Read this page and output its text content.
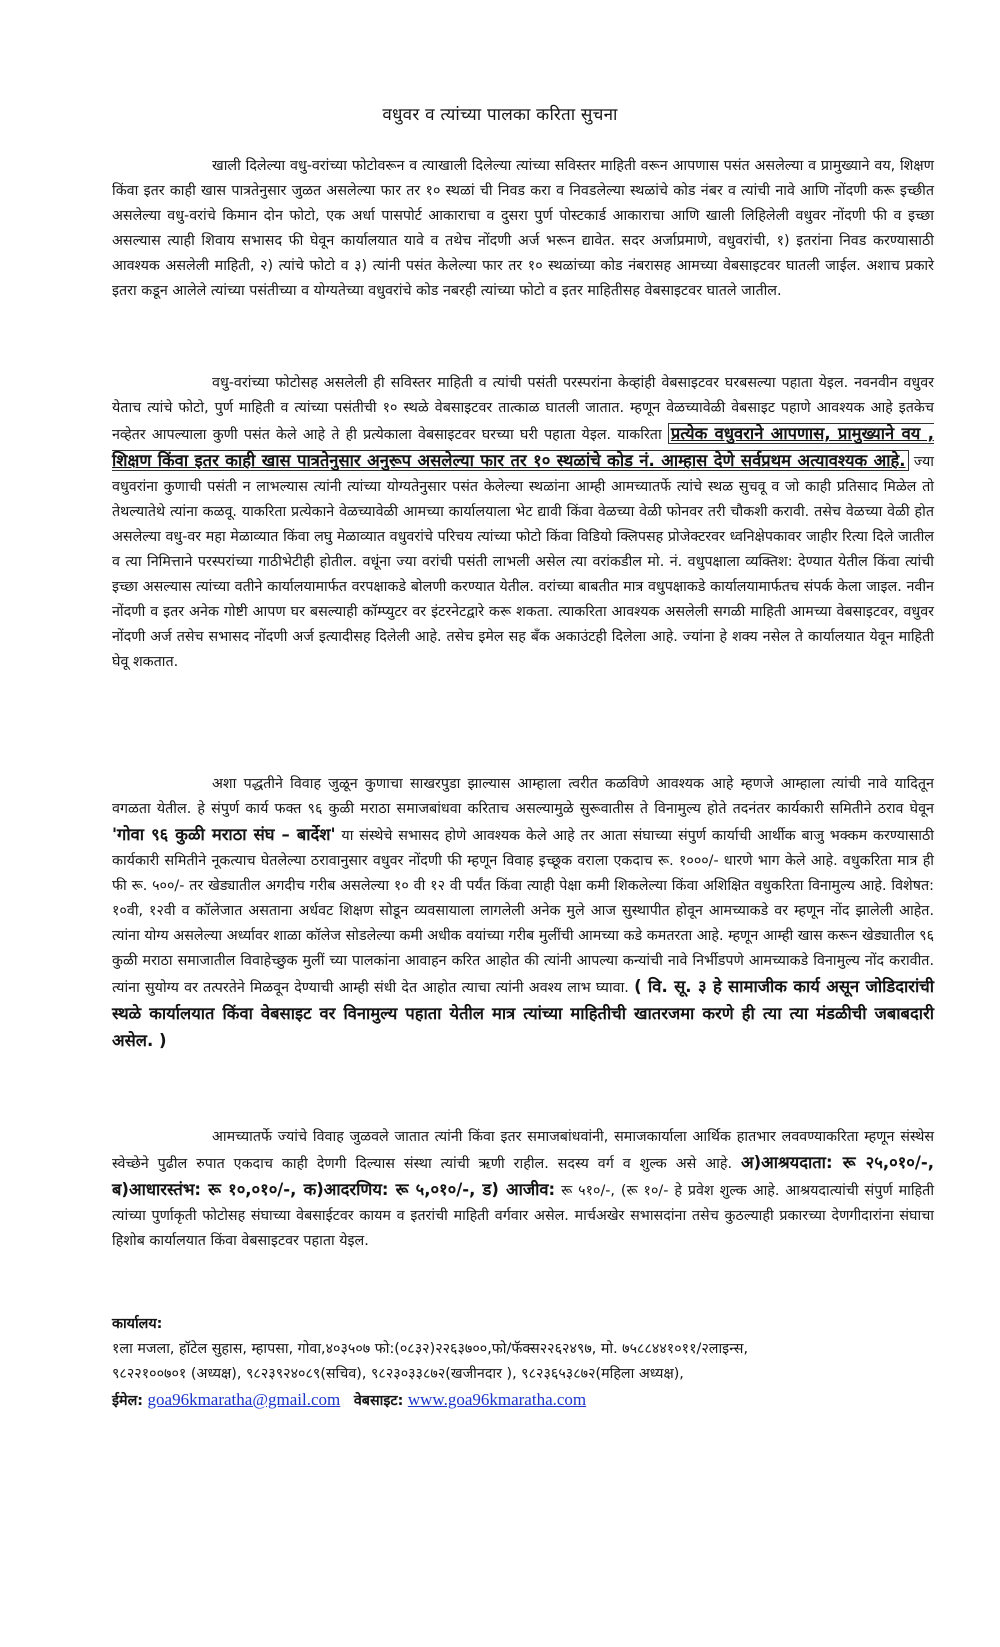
वधुवर व त्यांच्या पालका करिता सुचना

खाली दिलेल्या वधु-वरांच्या फोटोवरून व त्याखाली दिलेल्या त्यांच्या सविस्तर माहिती वरून आपणास पसंत असलेल्या व प्रामुख्याने वय, शिक्षण किंवा इतर काही खास पात्रतेनुसार जुळत असलेल्या फार तर १० स्थळां ची निवड करा व निवडलेल्या स्थळांचे कोड नंबर व त्यांची नावे आणि नोंदणी करू इच्छीत असलेल्या वधु-वरांचे किमान दोन फोटो, एक अर्धा पासपोर्ट आकाराचा व दुसरा पुर्ण पोस्टकार्ड आकाराचा आणि खाली लिहिलेली वधुवर नोंदणी फी व इच्छा असल्यास त्याही शिवाय सभासद फी घेवून कार्यालयात यावे व तथेच नोंदणी अर्ज भरून द्यावेत. सदर अर्जाप्रमाणे, वधुवरांची, १) इतरांना निवड करण्यासाठी आवश्यक असलेली माहिती, २) त्यांचे फोटो व ३) त्यांनी पसंत केलेल्या फार तर १० स्थळांच्या कोड नंबरासह आमच्या वेबसाइटवर घातली जाईल. अशाच प्रकारे इतरा कडून आलेले त्यांच्या पसंतीच्या व योग्यतेच्या वधुवरांचे कोड नबरही त्यांच्या फोटो व इतर माहितीसह वेबसाइटवर घातले जातील.

वधु-वरांच्या फोटोसह असलेली ही सविस्तर माहिती व त्यांची पसंती परस्परांना केव्हांही वेबसाइटवर घरबसल्या पहाता येइल. नवनवीन वधुवर येताच त्यांचे फोटो, पुर्ण माहिती व त्यांच्या पसंतीची १० स्थळे वेबसाइटवर तात्काळ घातली जातात. म्हणून वेळच्यावेळी वेबसाइट पहाणे आवश्यक आहे इतकेच नव्हेतर आपल्याला कुणी पसंत केले आहे ते ही प्रत्येकाला वेबसाइटवर घरच्या घरी पहाता येइल. याकरिता प्रत्येक वधुवराने आपणास, प्रामुख्याने वय , शिक्षण किंवा इतर काही खास पात्रतेनुसार अनुरूप असलेल्या फार तर १० स्थळांचे कोड नं. आम्हास देणे सर्वप्रथम अत्यावश्यक आहे. ज्या वधुवरांना कुणाची पसंती न लाभल्यास त्यांनी त्यांच्या योग्यतेनुसार पसंत केलेल्या स्थळांना आम्ही आमच्यातर्फे त्यांचे स्थळ सुचवू व जो काही प्रतिसाद मिळेल तो तेथल्यातेथे त्यांना कळवू. याकरिता प्रत्येकाने वेळच्यावेळी आमच्या कार्यालयाला भेट द्यावी किंवा वेळच्या वेळी फोनवर तरी चौकशी करावी. तसेच वेळच्या वेळी होत असलेल्या वधु-वर महा मेळाव्यात किंवा लघु मेळाव्यात वधुवरांचे परिचय त्यांच्या फोटो किंवा विडियो क्लिपसह प्रोजेक्टरवर ध्वनिक्षेपकावर जाहीर रित्या दिले जातील व त्या निमित्ताने परस्परांच्या गाठीभेटीही होतील. वधूंना ज्या वरांची पसंती लाभली असेल त्या वरांकडील मो. नं. वधुपक्षाला व्यक्तिश: देण्यात येतील किंवा त्यांची इच्छा असल्यास त्यांच्या वतीने कार्यालयामार्फत वरपक्षाकडे बोलणी करण्यात येतील. वरांच्या बाबतीत मात्र वधुपक्षाकडे कार्यालयामार्फतच संपर्क केला जाइल. नवीन नोंदणी व इतर अनेक गोष्टी आपण घर बसल्याही कॉम्प्युटर वर इंटरनेटद्वारे करू शकता. त्याकरिता आवश्यक असलेली सगळी माहिती आमच्या वेबसाइटवर, वधुवर नोंदणी अर्ज तसेच सभासद नोंदणी अर्ज इत्यादीसह दिलेली आहे. तसेच इमेल सह बॅंक अकाउंटही दिलेला आहे. ज्यांना हे शक्य नसेल ते कार्यालयात येवून माहिती घेवू शकतात.

अशा पद्धतीने विवाह जुळून कुणाचा साखरपुडा झाल्यास आम्हाला त्वरीत कळविणे आवश्यक आहे म्हणजे आम्हाला त्यांची नावे यादितून वगळता येतील. हे संपुर्ण कार्य फक्त ९६ कुळी मराठा समाजबांधवा करिताच असल्यामुळे सुरूवातीस ते विनामुल्य होते तदनंतर कार्यकारी समितीने ठराव घेवून 'गोवा ९६ कुळी मराठा संघ – बार्देश' या संस्थेचे सभासद होणे आवश्यक केले आहे तर आता संघाच्या संपुर्ण कार्याची आर्थीक बाजु भक्कम करण्यासाठी कार्यकारी समितीने नूकत्याच घेतलेल्या ठरावानुसार वधुवर नोंदणी फी म्हणून विवाह इच्छूक वराला एकदाच रू. १०००/- धारणे भाग केले आहे. वधुकरिता मात्र ही फी रू. ५००/- तर खेड्यातील अगदीच गरीब असलेल्या १० वी १२ वी पर्यंत किंवा त्याही पेक्षा कमी शिकलेल्या किंवा अशिक्षित वधुकरिता विनामुल्य आहे. विशेषत: १०वी, १२वी व कॉलेजात असताना अर्धवट शिक्षण सोडून व्यवसायाला लागलेली अनेक मुले आज सुस्थापीत होवून आमच्याकडे वर म्हणून नोंद झालेली आहेत. त्यांना योग्य असलेल्या अर्ध्यावर शाळा कॉलेज सोडलेल्या कमी अधीक वयांच्या गरीब मुलींची आमच्या कडे कमतरता आहे. म्हणून आम्ही खास करून खेड्यातील ९६ कुळी मराठा समाजातील विवाहेच्छुक मुलीं च्या पालकांना आवाहन करित आहोत की त्यांनी आपल्या कन्यांची नावे निर्भीडपणे आमच्याकडे विनामुल्य नोंद करावीत. त्यांना सुयोग्य वर तत्परतेने मिळवून देण्याची आम्ही संधी देत आहोत त्याचा त्यांनी अवश्य लाभ घ्यावा. ( वि. सू. ३ हे सामाजीक कार्य असून जोडिदारांची स्थळे कार्यालयात किंवा वेबसाइट वर विनामुल्य पहाता येतील मात्र त्यांच्या माहितीची खातरजमा करणे ही त्या त्या मंडळीची जबाबदारी असेल. )

आमच्यातर्फे ज्यांचे विवाह जुळवले जातात त्यांनी किंवा इतर समाजबांधवांनी, समाजकार्याला आर्थिक हातभार लववण्याकरिता म्हणून संस्थेस स्वेच्छेने पुढील रुपात एकदाच काही देणगी दिल्यास संस्था त्यांची ऋणी राहील. सदस्य वर्ग व शुल्क असे आहे. अ)आश्रयदाता: रू २५,०१०/-, ब)आधारस्तंभ: रू १०,०१०/-, क)आदरणिय: रू ५,०१०/-, ड) आजीव: रू ५१०/-, (रू १०/- हे प्रवेश शुल्क आहे. आश्रयदात्यांची संपुर्ण माहिती त्यांच्या पुर्णाकृती फोटोसह संघाच्या वेबसाईटवर कायम व इतरांची माहिती वर्गवार असेल. मार्चअखेर सभासदांना तसेच कुठल्याही प्रकारच्या देणगीदारांना संघाचा हिशोब कार्यालयात किंवा वेबसाइटवर पहाता येइल.

कार्यालय:
१ला मजला, हॉटेल सुहास, म्हापसा, गोवा,४०३५०७ फो:(०८३२)२२६३७००,फो/फॅक्स२२६२४९७, मो. ७५८८४४१०११/२लाइन्स,
९८२२१००७०१ (अध्यक्ष), ९८२३९२४०८९(सचिव), ९८२३०३३८७२(खजीनदार ), ९८२३६५३८७२(महिला अध्यक्ष),
ईमेल: goa96kmaratha@gmail.com वेबसाइट: www.goa96kmaratha.com
